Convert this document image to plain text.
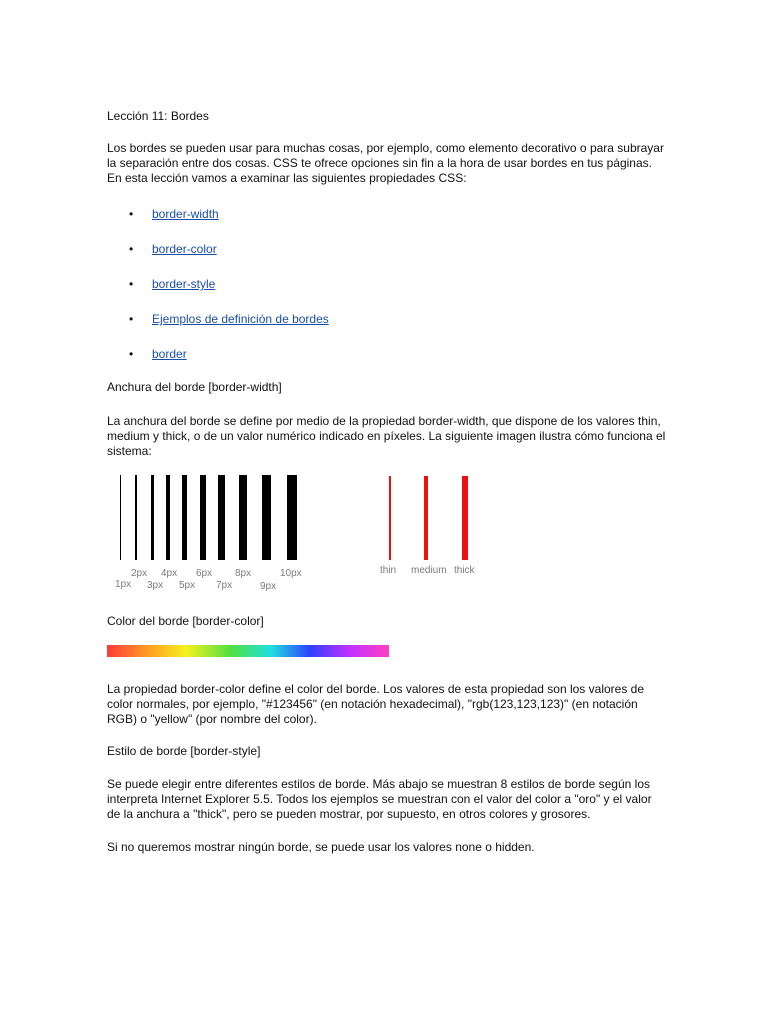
Lección 11: Bordes

Los bordes se pueden usar para muchas cosas, por ejemplo, como elemento decorativo o para subrayar la separación entre dos cosas. CSS te ofrece opciones sin fin a la hora de usar bordes en tus páginas. En esta lección vamos a examinar las siguientes propiedades CSS:

•	border-width
•	border-color
•	border-style
•	Ejemplos de definición de bordes
•	border

Anchura del borde [border-width]

La anchura del borde se define por medio de la propiedad border-width, que dispone de los valores thin, medium y thick, o de un valor numérico indicado en píxeles. La siguiente imagen ilustra cómo funciona el sistema:

1px
2px
3px
4px
5px
6px
7px
8px
9px
10px	thin medium thick

Color del borde [border-color]

La propiedad border-color define el color del borde. Los valores de esta propiedad son los valores de color normales, por ejemplo, "#123456" (en notación hexadecimal), "rgb(123,123,123)" (en notación RGB) o "yellow" (por nombre del color).

Estilo de borde [border-style]

Se puede elegir entre diferentes estilos de borde. Más abajo se muestran 8 estilos de borde según los interpreta Internet Explorer 5.5. Todos los ejemplos se muestran con el valor del color a "oro" y el valor de la anchura a "thick", pero se pueden mostrar, por supuesto, en otros colores y grosores.

Si no queremos mostrar ningún borde, se puede usar los valores none o hidden.
